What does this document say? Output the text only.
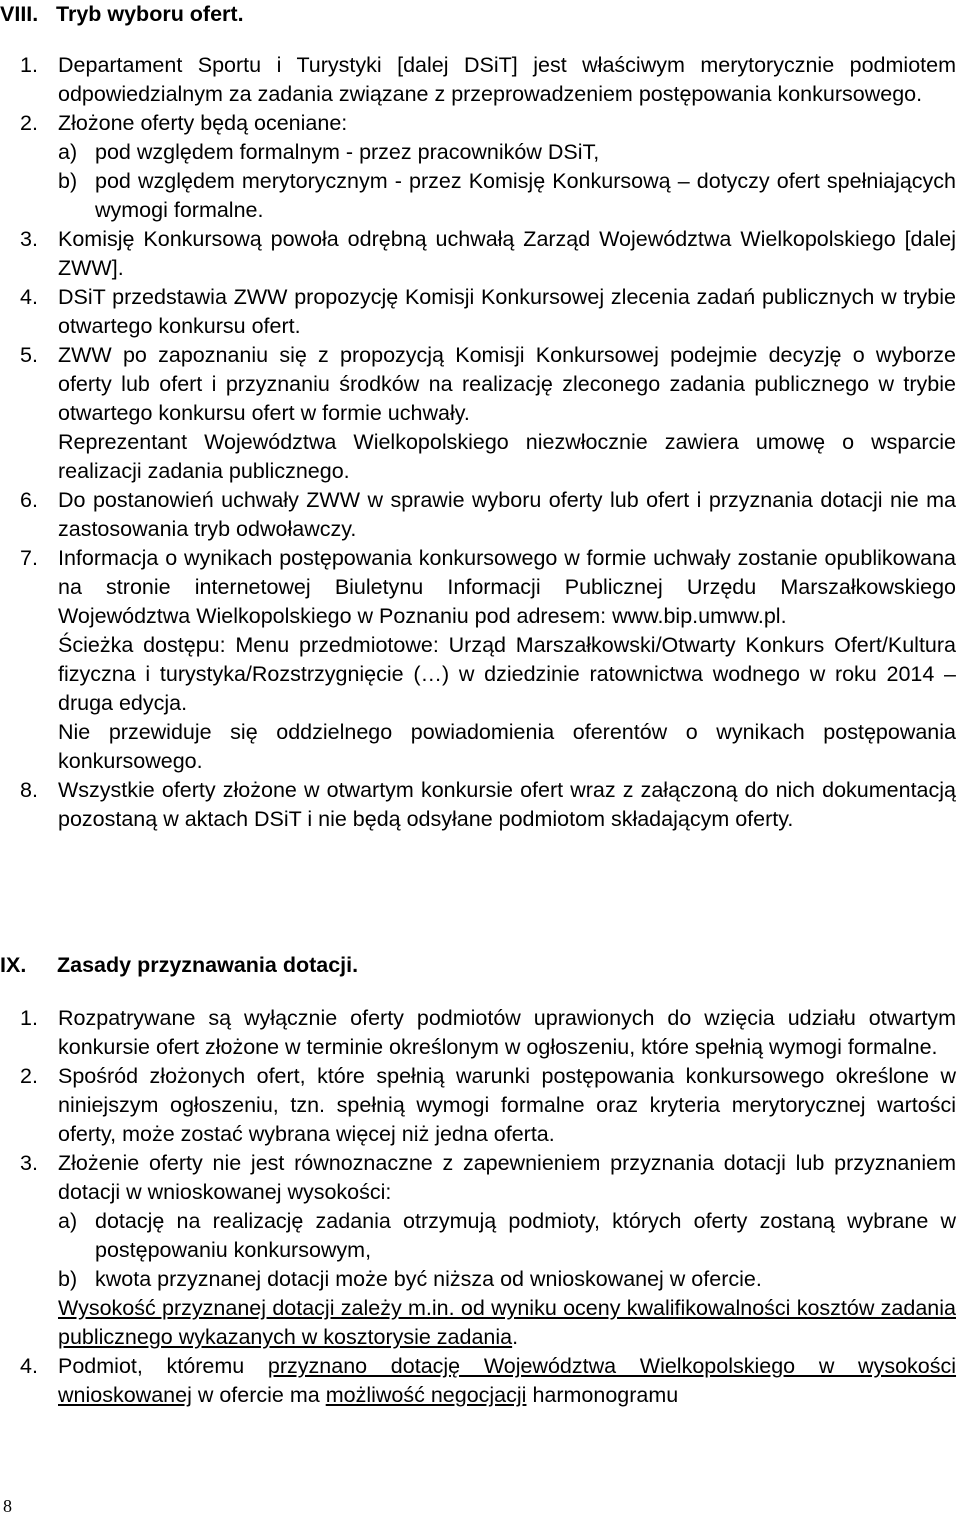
VIII. Tryb wyboru ofert.
1. Departament Sportu i Turystyki [dalej DSiT] jest właściwym merytorycznie podmiotem odpowiedzialnym za zadania związane z przeprowadzeniem postępowania konkursowego.

2. Złożone oferty będą oceniane:

a) pod względem formalnym - przez pracowników DSiT,

b) pod względem merytorycznym - przez Komisję Konkursową – dotyczy ofert spełniających wymogi formalne.

3. Komisję Konkursową powoła odrębną uchwałą Zarząd Województwa Wielkopolskiego [dalej ZWW].

4. DSiT przedstawia ZWW propozycję Komisji Konkursowej zlecenia zadań publicznych w trybie otwartego konkursu ofert.

5. ZWW po zapoznaniu się z propozycją Komisji Konkursowej podejmie decyzję o wyborze oferty lub ofert i przyznaniu środków na realizację zleconego zadania publicznego w trybie otwartego konkursu ofert w formie uchwały.

Reprezentant Województwa Wielkopolskiego niezwłocznie zawiera umowę o wsparcie realizacji zadania publicznego.

6. Do postanowień uchwały ZWW w sprawie wyboru oferty lub ofert i przyznania dotacji nie ma zastosowania tryb odwoławczy.

7. Informacja o wynikach postępowania konkursowego w formie uchwały zostanie opublikowana na stronie internetowej Biuletynu Informacji Publicznej Urzędu Marszałkowskiego Województwa Wielkopolskiego w Poznaniu pod adresem: www.bip.umww.pl.

Ścieżka dostępu: Menu przedmiotowe: Urząd Marszałkowski/Otwarty Konkurs Ofert/Kultura fizyczna i turystyka/Rozstrzygnięcie (…) w dziedzinie ratownictwa wodnego w roku 2014 – druga edycja.

Nie przewiduje się oddzielnego powiadomienia oferentów o wynikach postępowania konkursowego.

8. Wszystkie oferty złożone w otwartym konkursie ofert wraz z załączoną do nich dokumentacją pozostaną w aktach DSiT i nie będą odsyłane podmiotom składającym oferty.

IX. Zasady przyznawania dotacji.
1. Rozpatrywane są wyłącznie oferty podmiotów uprawionych do wzięcia udziału otwartym konkursie ofert złożone w terminie określonym w ogłoszeniu, które spełnią wymogi formalne.

2. Spośród złożonych ofert, które spełnią warunki postępowania konkursowego określone w niniejszym ogłoszeniu, tzn. spełnią wymogi formalne oraz kryteria merytorycznej wartości oferty, może zostać wybrana więcej niż jedna oferta.

3. Złożenie oferty nie jest równoznaczne z zapewnieniem przyznania dotacji lub przyznaniem dotacji w wnioskowanej wysokości:

a) dotację na realizację zadania otrzymują podmioty, których oferty zostaną wybrane w postępowaniu konkursowym,

b) kwota przyznanej dotacji może być niższa od wnioskowanej w ofercie.

Wysokość przyznanej dotacji zależy m.in. od wyniku oceny kwalifikowalności kosztów zadania publicznego wykazanych w kosztorysie zadania.

4. Podmiot, któremu przyznano dotację Województwa Wielkopolskiego w wysokości wnioskowanej w ofercie ma możliwość negocjacji harmonogramu

8
